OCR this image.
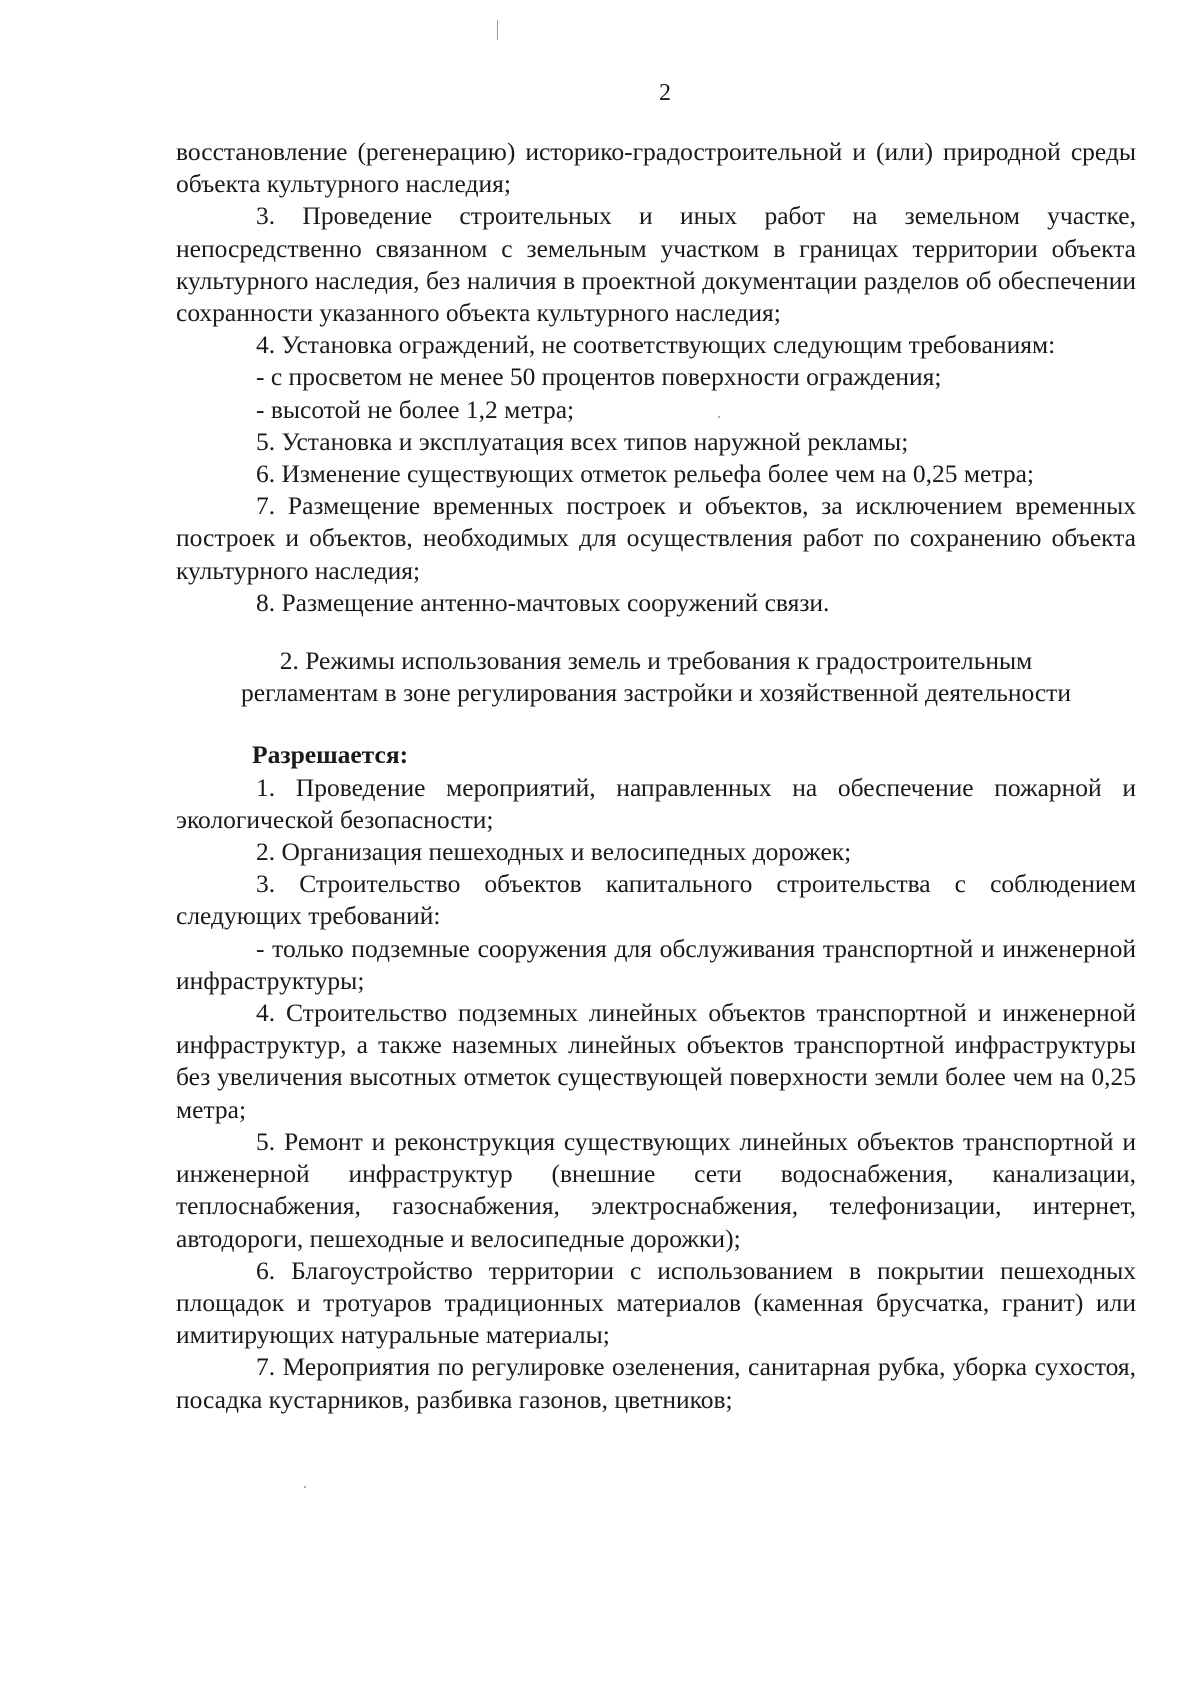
2

восстановление (регенерацию) историко-градостроительной и (или) природной среды объекта культурного наследия;

3. Проведение строительных и иных работ на земельном участке, непосредственно связанном с земельным участком в границах территории объекта культурного наследия, без наличия в проектной документации разделов об обеспечении сохранности указанного объекта культурного наследия;

4. Установка ограждений, не соответствующих следующим требованиям:

- с просветом не менее 50 процентов поверхности ограждения;

- высотой не более 1,2 метра;

5. Установка и эксплуатация всех типов наружной рекламы;

6. Изменение существующих отметок рельефа более чем на 0,25 метра;

7. Размещение временных построек и объектов, за исключением временных построек и объектов, необходимых для осуществления работ по сохранению объекта культурного наследия;

8. Размещение антенно-мачтовых сооружений связи.

2. Режимы использования земель и требования к градостроительным

регламентам в зоне регулирования застройки и хозяйственной деятельности

Разрешается:

1. Проведение мероприятий, направленных на обеспечение пожарной и экологической безопасности;

2. Организация пешеходных и велосипедных дорожек;

3. Строительство объектов капитального строительства с соблюдением следующих требований:

- только подземные сооружения для обслуживания транспортной и инженерной инфраструктуры;

4. Строительство подземных линейных объектов транспортной и инженерной инфраструктур, а также наземных линейных объектов транспортной инфраструктуры без увеличения высотных отметок существующей поверхности земли более чем на 0,25 метра;

5. Ремонт и реконструкция существующих линейных объектов транспортной и инженерной инфраструктур (внешние сети водоснабжения, канализации, теплоснабжения, газоснабжения, электроснабжения, телефонизации, интернет, автодороги, пешеходные и велосипедные дорожки);

6. Благоустройство территории с использованием в покрытии пешеходных площадок и тротуаров традиционных материалов (каменная брусчатка, гранит) или имитирующих натуральные материалы;

7. Мероприятия по регулировке озеленения, санитарная рубка, уборка сухостоя, посадка кустарников, разбивка газонов, цветников;
